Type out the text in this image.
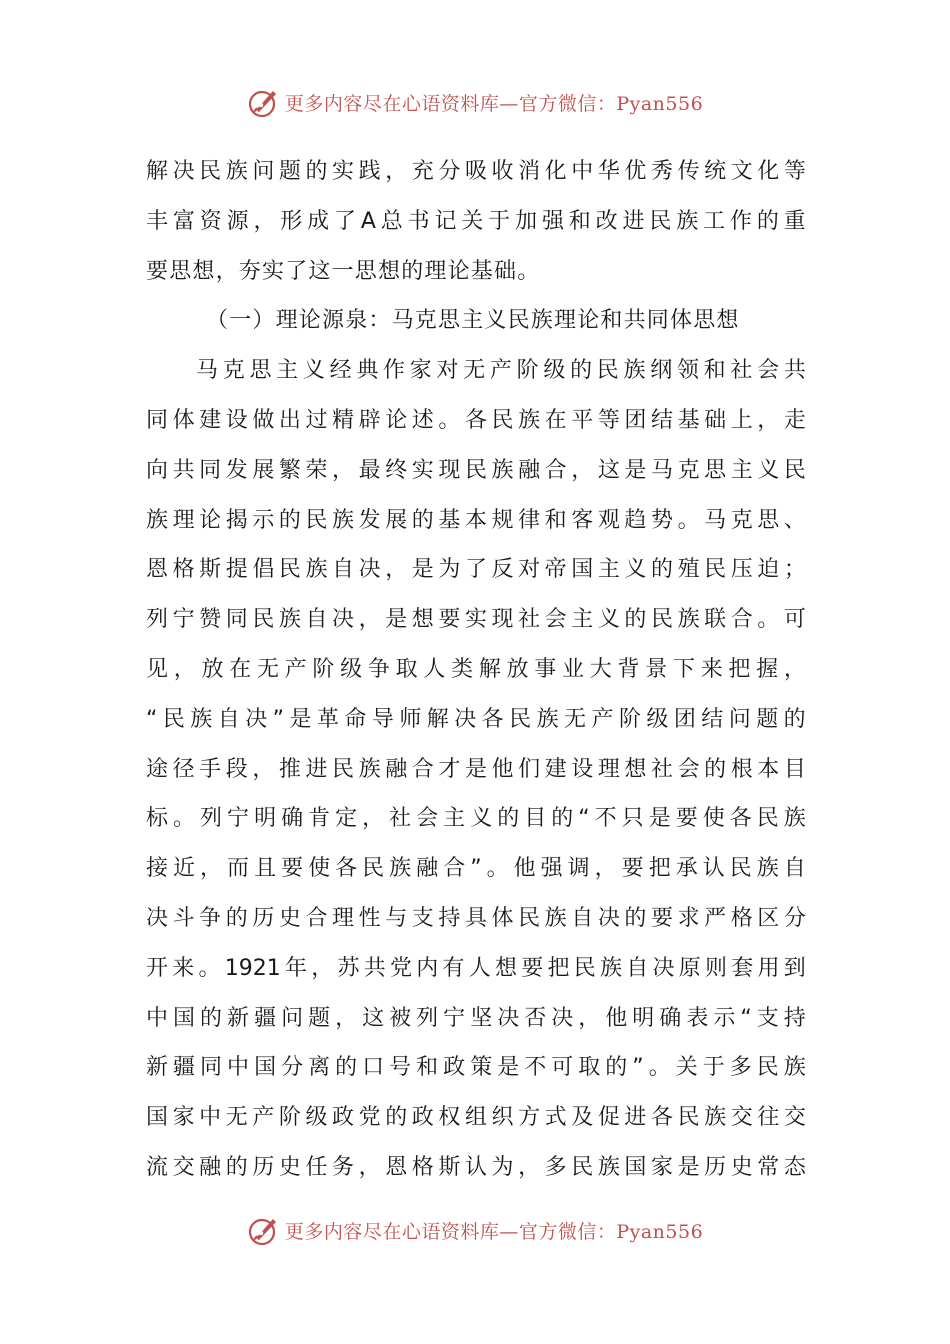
更多内容尽在心语资料库—官方微信：Pyan556
解 决 民 族 问 题 的 实 践 ， 充 分 吸 收 消 化 中 华 优 秀 传 统 文 化 等
丰 富 资 源 ， 形 成 了 A 总 书 记 关 于 加 强 和 改 进 民 族 工 作 的 重
要思想，夯实了这一思想的理论基础。
（一）理论源泉：马克思主义民族理论和共同体思想
马 克 思 主 义 经 典 作 家 对 无 产 阶 级 的 民 族 纲 领 和 社 会 共
同 体 建 设 做 出 过 精 辟 论 述 。 各 民 族 在 平 等 团 结 基 础 上 ， 走
向 共 同 发 展 繁 荣 ， 最 终 实 现 民 族 融 合 ， 这 是 马 克 思 主 义 民
族 理 论 揭 示 的 民 族 发 展 的 基 本 规 律 和 客 观 趋 势 。 马 克 思 、
恩 格 斯 提 倡 民 族 自 决 ， 是 为 了 反 对 帝 国 主 义 的 殖 民 压 迫 ；
列 宁 赞 同 民 族 自 决 ， 是 想 要 实 现 社 会 主 义 的 民 族 联 合 。 可
见 ， 放 在 无 产 阶 级 争 取 人 类 解 放 事 业 大 背 景 下 来 把 握 ，
“ 民 族 自 决 ” 是 革 命 导 师 解 决 各 民 族 无 产 阶 级 团 结 问 题 的
途 径 手 段 ， 推 进 民 族 融 合 才 是 他 们 建 设 理 想 社 会 的 根 本 目
标 。 列 宁 明 确 肯 定 ， 社 会 主 义 的 目 的 “ 不 只 是 要 使 各 民 族
接 近 ， 而 且 要 使 各 民 族 融 合 ” 。 他 强 调 ， 要 把 承 认 民 族 自
决 斗 争 的 历 史 合 理 性 与 支 持 具 体 民 族 自 决 的 要 求 严 格 区 分
开 来 。 1921 年 ， 苏 共 党 内 有 人 想 要 把 民 族 自 决 原 则 套 用 到
中 国 的 新 疆 问 题 ， 这 被 列 宁 坚 决 否 决 ， 他 明 确 表 示 “ 支 持
新 疆 同 中 国 分 离 的 口 号 和 政 策 是 不 可 取 的 ” 。 关 于 多 民 族
国 家 中 无 产 阶 级 政 党 的 政 权 组 织 方 式 及 促 进 各 民 族 交 往 交
流 交 融 的 历 史 任 务 ， 恩 格 斯 认 为 ， 多 民 族 国 家 是 历 史 常 态
更多内容尽在心语资料库—官方微信：Pyan556
